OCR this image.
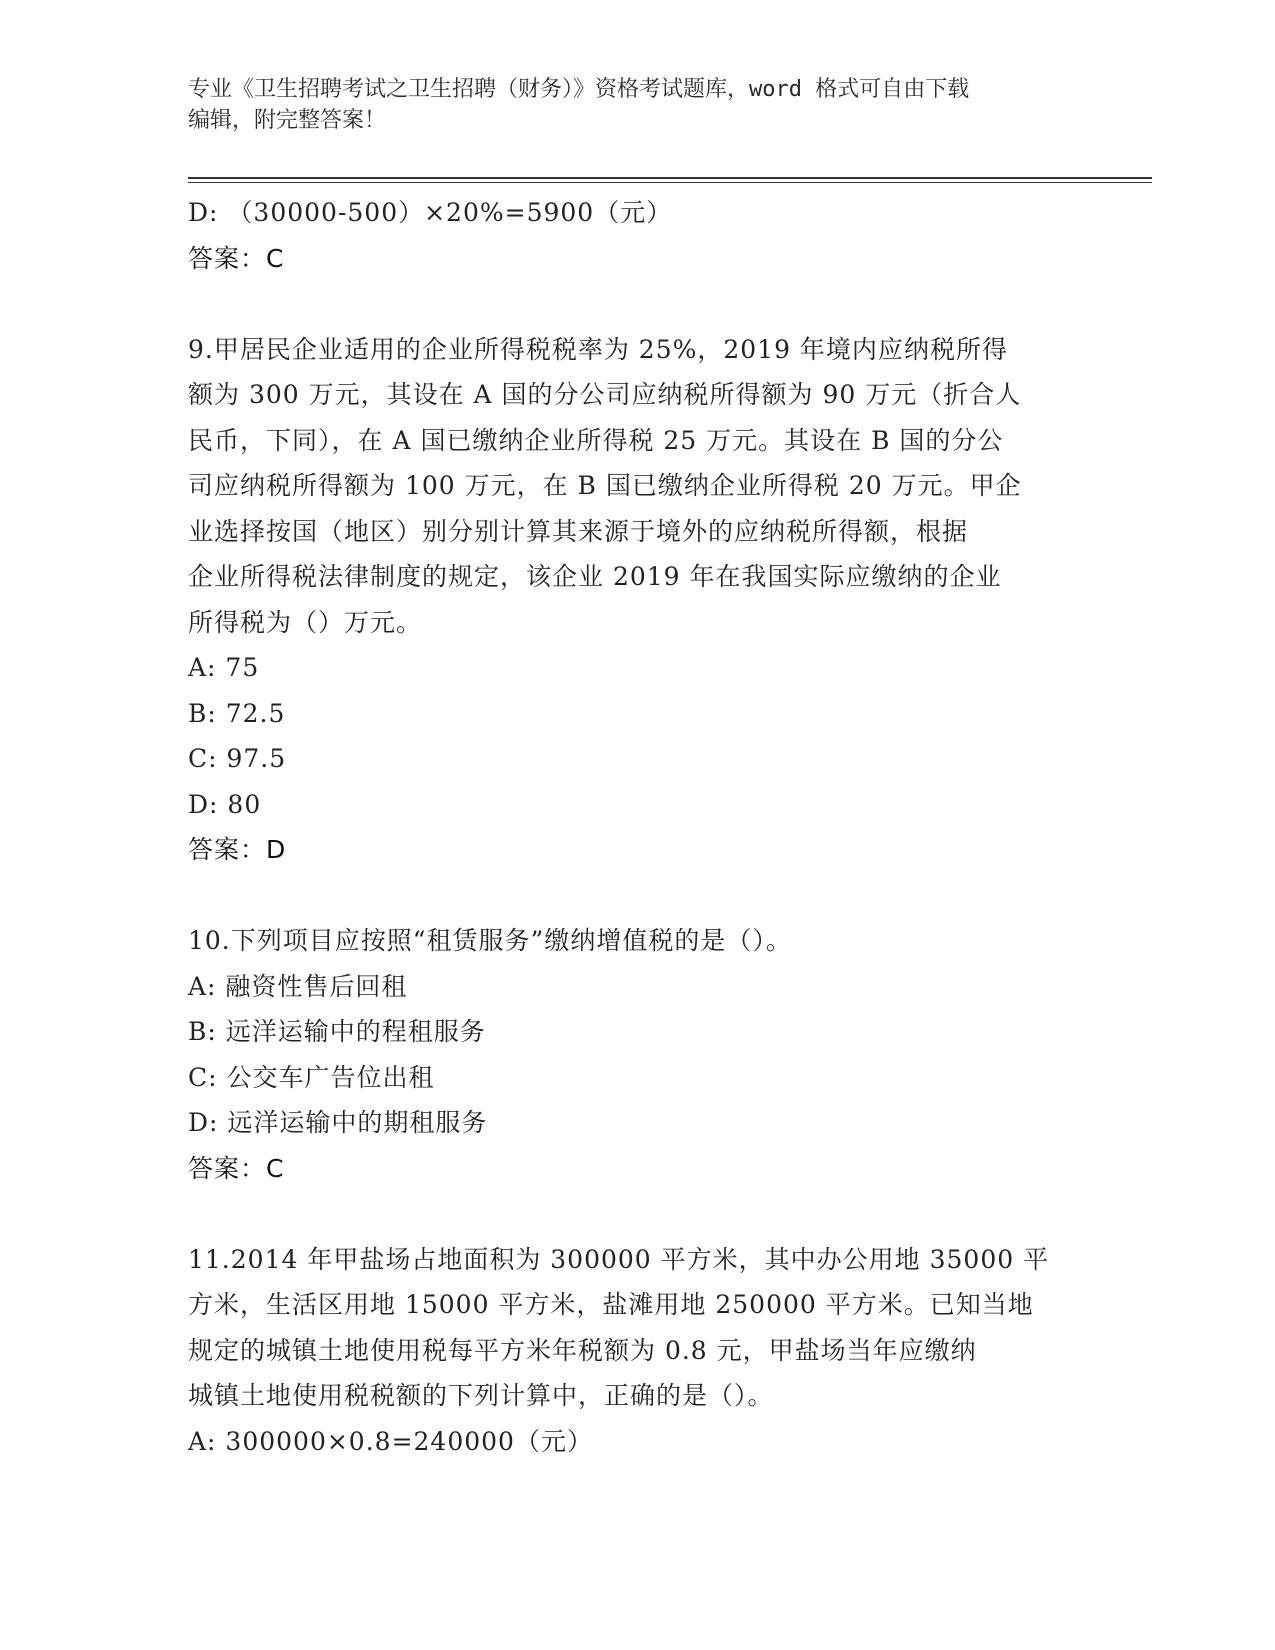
专业《卫生招聘考试之卫生招聘（财务）》资格考试题库，word 格式可自由下载
编辑，附完整答案！
D: （30000-500）×20%=5900（元）
答案：C
9.甲居民企业适用的企业所得税税率为 25%，2019 年境内应纳税所得
额为 300 万元，其设在 A 国的分公司应纳税所得额为 90 万元（折合人
民币，下同），在 A 国已缴纳企业所得税 25 万元。其设在 B 国的分公
司应纳税所得额为 100 万元，在 B 国已缴纳企业所得税 20 万元。甲企
业选择按国（地区）别分别计算其来源于境外的应纳税所得额，根据
企业所得税法律制度的规定，该企业 2019 年在我国实际应缴纳的企业
所得税为（）万元。
A: 75
B: 72.5
C: 97.5
D: 80
答案：D
10.下列项目应按照“租赁服务”缴纳增值税的是（）。
A: 融资性售后回租
B: 远洋运输中的程租服务
C: 公交车广告位出租
D: 远洋运输中的期租服务
答案：C
11.2014 年甲盐场占地面积为 300000 平方米，其中办公用地 35000 平
方米，生活区用地 15000 平方米，盐滩用地 250000 平方米。已知当地
规定的城镇土地使用税每平方米年税额为 0.8 元，甲盐场当年应缴纳
城镇土地使用税税额的下列计算中，正确的是（）。
A: 300000×0.8=240000（元）
